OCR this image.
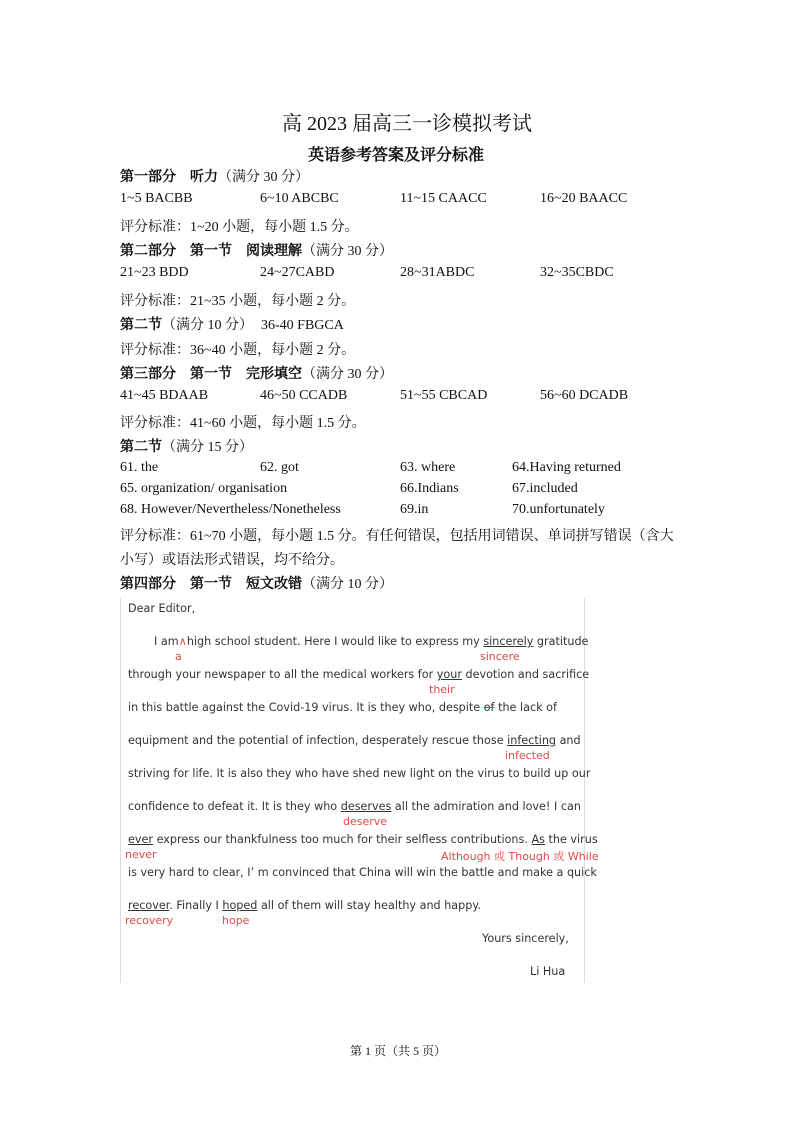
高 2023 届高三一诊模拟考试
英语参考答案及评分标准
第一部分　听力（满分 30 分）
1~5 BACBB	6~10 ABCBC	11~15 CAACC	16~20 BAACC
评分标准：1~20 小题，每小题 1.5 分。
第二部分　第一节　阅读理解（满分 30 分）
21~23 BDD	24~27CABD	28~31ABDC	32~35CBDC
评分标准：21~35 小题，每小题 2 分。
第二节（满分 10 分） 36-40 FBGCA
评分标准：36~40 小题，每小题 2 分。
第三部分　第一节　完形填空（满分 30 分）
41~45 BDAAB	46~50 CCADB	51~55 CBCAD	56~60 DCADB
评分标准：41~60 小题，每小题 1.5 分。
第二节（满分 15 分）
61. the	62. got	63. where	64.Having returned
65. organization/ organisation	66.Indians	67.included
68. However/Nevertheless/Nonetheless	69.in	70.unfortunately
评分标准：61~70 小题，每小题 1.5 分。有任何错误，包括用词错误、单词拼写错误（含大
小写）或语法形式错误，均不给分。
第四部分　第一节　短文改错（满分 10 分）
Dear Editor,
I am∧high school student. Here I would like to express my sincerely gratitude
a	sincere
through your newspaper to all the medical workers for your devotion and sacrifice
their
in this battle against the Covid-19 virus. It is they who, despite of the lack of
equipment and the potential of infection, desperately rescue those infecting and
infected
striving for life. It is also they who have shed new light on the virus to build up our
confidence to defeat it. It is they who deserves all the admiration and love! I can
deserve
ever express our thankfulness too much for their selfless contributions. As the virus
never	Although 或 Though 或 While
is very hard to clear, I’ m convinced that China will win the battle and make a quick
recover. Finally I hoped all of them will stay healthy and happy.
recovery	hope
Yours sincerely,
Li Hua
第 1 页（共 5 页）
